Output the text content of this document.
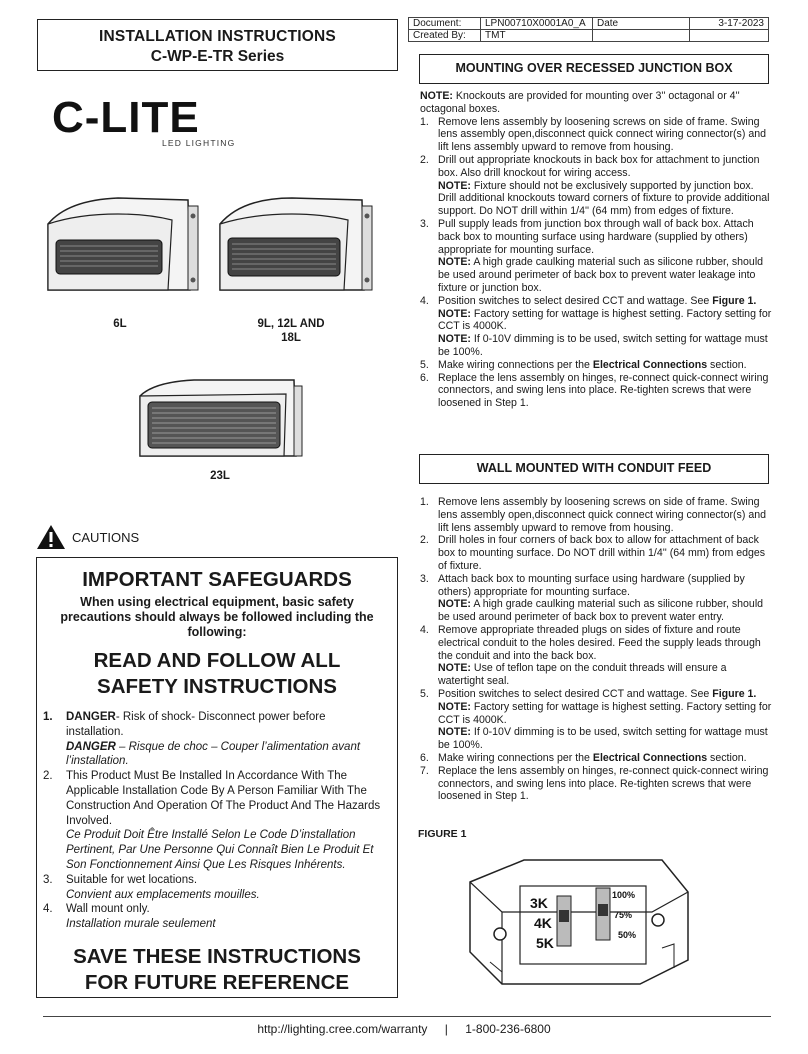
INSTALLATION INSTRUCTIONS
C-WP-E-TR Series
Document:	LPN00710X0001A0_A	Date	3-17-2023
Created By:	TMT		
C-LITE
LED LIGHTING
6L	9L, 12L AND
18L
23L
CAUTIONS
IMPORTANT SAFEGUARDS
When using electrical equipment, basic safety precautions should always be followed including the following:
READ AND FOLLOW ALL
SAFETY INSTRUCTIONS
1.	DANGER- Risk of shock- Disconnect power before installation.
DANGER – Risque de choc – Couper l’alimentation avant l’installation.
2.	This Product Must Be Installed In Accordance With The Applicable Installation Code By A Person Familiar With The Construction And Operation Of The Product And The Hazards Involved.
Ce Produit Doit Être Installé Selon Le Code D’installation Pertinent, Par Une Personne Qui Connaît Bien Le Produit Et Son Fonctionnement Ainsi Que Les Risques Inhérents.
3.	Suitable for wet locations.
Convient aux emplacements mouilles.
4.	Wall mount only.
Installation murale seulement
SAVE THESE INSTRUCTIONS
FOR FUTURE REFERENCE
MOUNTING OVER RECESSED JUNCTION BOX
NOTE: Knockouts are provided for mounting over 3'' octagonal or 4'' octagonal boxes.
1. Remove lens assembly by loosening screws on side of frame. Swing lens assembly open,disconnect quick connect wiring connector(s) and lift lens assembly upward to remove from housing.
2. Drill out appropriate knockouts in back box for attachment to junction box. Also drill knockout for wiring access.
NOTE: Fixture should not be exclusively supported by junction box. Drill additional knockouts toward corners of fixture to provide additional support. Do NOT drill within 1/4'' (64 mm) from edges of fixture.
3. Pull supply leads from junction box through wall of back box. Attach back box to mounting surface using hardware (supplied by others) appropriate for mounting surface.
NOTE: A high grade caulking material such as silicone rubber, should be used around perimeter of back box to prevent water leakage into fixture or junction box.
4. Position switches to select desired CCT and wattage. See Figure 1.
NOTE: Factory setting for wattage is highest setting. Factory setting for CCT is 4000K.
NOTE: If 0-10V dimming is to be used, switch setting for wattage must be 100%.
5. Make wiring connections per the Electrical Connections section.
6. Replace the lens assembly on hinges, re-connect quick-connect wiring connectors, and swing lens into place. Re-tighten screws that were loosened in Step 1.
WALL MOUNTED WITH CONDUIT FEED
1. Remove lens assembly by loosening screws on side of frame. Swing lens assembly open,disconnect quick connect wiring connector(s) and lift lens assembly upward to remove from housing.
2. Drill holes in four corners of back box to allow for attachment of back box to mounting surface. Do NOT drill within 1/4'' (64 mm) from edges of fixture.
3. Attach back box to mounting surface using hardware (supplied by others) appropriate for mounting surface.
NOTE: A high grade caulking material such as silicone rubber, should be used around perimeter of back box to prevent water entry.
4. Remove appropriate threaded plugs on sides of fixture and route electrical conduit to the holes desired. Feed the supply leads through the conduit and into the back box.
NOTE: Use of teflon tape on the conduit threads will ensure a watertight seal.
5. Position switches to select desired CCT and wattage. See Figure 1.
NOTE: Factory setting for wattage is highest setting. Factory setting for CCT is 4000K.
NOTE: If 0-10V dimming is to be used, switch setting for wattage must be 100%.
6. Make wiring connections per the Electrical Connections section.
7. Replace the lens assembly on hinges, re-connect quick-connect wiring connectors, and swing lens into place. Re-tighten screws that were loosened in Step 1.
FIGURE 1
3K
4K
5K
100%
75%
50%
http://lighting.cree.com/warranty | 1-800-236-6800
